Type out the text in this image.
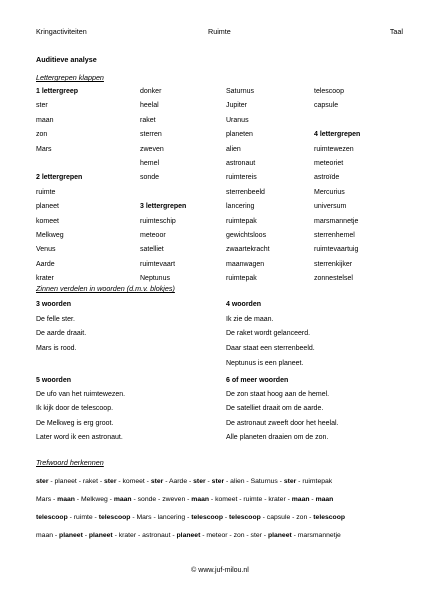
Kringactiviteiten	Ruimte	Taal
Auditieve analyse
Lettergrepen klappen
1 lettergreep
ster
maan
zon
Mars
2 lettergrepen
ruimte
planeet
komeet
Melkweg
Venus
Aarde
krater
donker
heelal
raket
sterren
zweven
hemel
sonde
3 lettergrepen
ruimteschip
meteoor
satelliet
ruimtevaart
Neptunus
Saturnus
Jupiter
Uranus
planeten
alien
astronaut
ruimtereis
sterrenbeeld
lancering
ruimtepak
gewichtsloos
zwaartekracht
maanwagen
ruimtepak
telescoop
capsule
4 lettergrepen
ruimtewezen
meteoriet
astroïde
Mercurius
universum
marsmannetje
sterrenhemel
ruimtevaartuig
sterrenkijker
zonnestelsel
Zinnen verdelen in woorden (d.m.v. blokjes)
3 woorden
De felle ster.
De aarde draait.
Mars is rood.
4 woorden
Ik zie de maan.
De raket wordt gelanceerd.
Daar staat een sterrenbeeld.
Neptunus is een planeet.
5 woorden
De ufo van het ruimtewezen.
Ik kijk door de telescoop.
De Melkweg is erg groot.
Later word ik een astronaut.
6 of meer woorden
De zon staat hoog aan de hemel.
De satelliet draait om de aarde.
De astronaut zweeft door het heelal.
Alle planeten draaien om de zon.
Trefwoord herkennen
ster - planeet - raket - ster - komeet - ster - Aarde - ster - ster - alien - Saturnus - ster - ruimtepak
Mars - maan - Melkweg - maan - sonde - zweven - maan - komeet - ruimte - krater - maan - maan
telescoop - ruimte - telescoop - Mars - lancering - telescoop - telescoop - capsule - zon - telescoop
maan - planeet - planeet - krater - astronaut - planeet - meteor - zon - ster - planeet - marsmannetje
© www.juf-milou.nl
